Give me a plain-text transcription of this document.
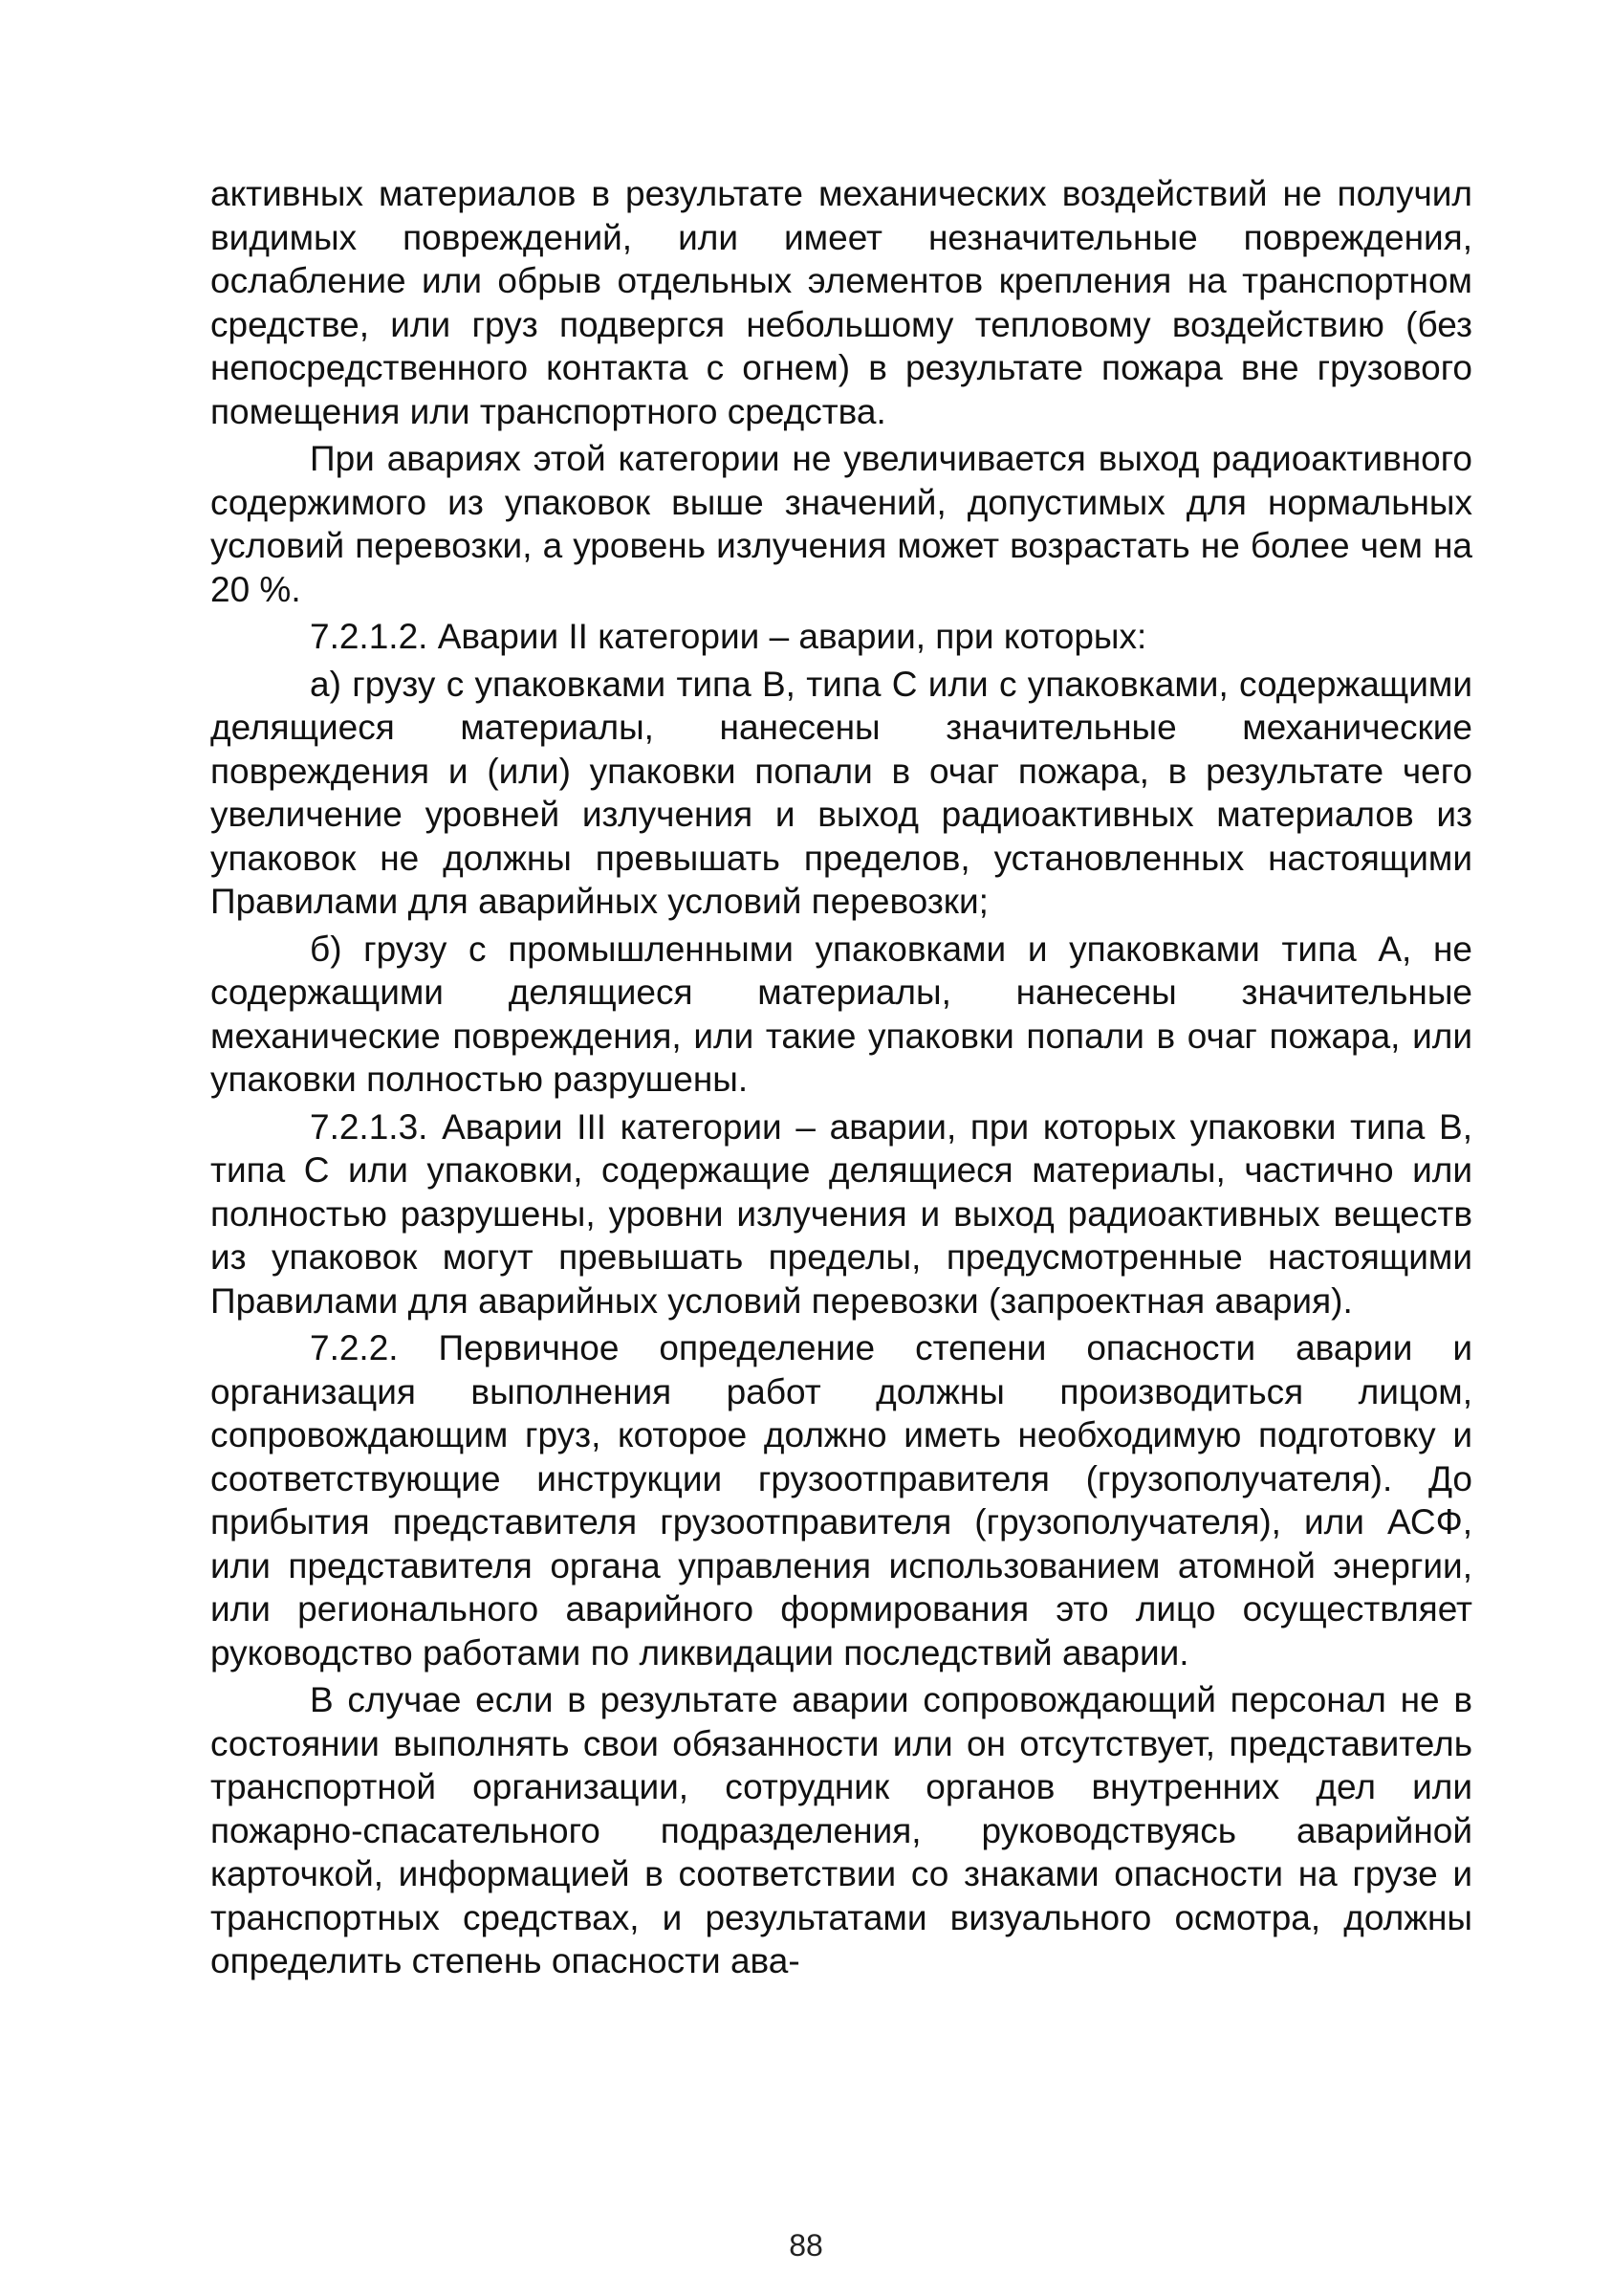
активных материалов в результате механических воздействий не получил видимых повреждений, или имеет незначительные повреждения, ослабление или обрыв отдельных элементов крепления на транспортном средстве, или груз подвергся небольшому тепловому воздействию (без непосредственного контакта с огнем) в результате пожара вне грузового помещения или транспортного средства.

При авариях этой категории не увеличивается выход радиоактивного содержимого из упаковок выше значений, допустимых для нормальных условий перевозки, а уровень излучения может возрастать не более чем на 20 %.

7.2.1.2. Аварии II категории – аварии, при которых:

а) грузу с упаковками типа В, типа С или с упаковками, содержащими делящиеся материалы, нанесены значительные механические повреждения и (или) упаковки попали в очаг пожара, в результате чего увеличение уровней излучения и выход радиоактивных материалов из упаковок не должны превышать пределов, установленных настоящими Правилами для аварийных условий перевозки;

б) грузу с промышленными упаковками и упаковками типа А, не содержащими делящиеся материалы, нанесены значительные механические повреждения, или такие упаковки попали в очаг пожара, или упаковки полностью разрушены.

7.2.1.3. Аварии III категории – аварии, при которых упаковки типа В, типа С или упаковки, содержащие делящиеся материалы, частично или полностью разрушены, уровни излучения и выход радиоактивных веществ из упаковок могут превышать пределы, предусмотренные настоящими Правилами для аварийных условий перевозки (запроектная авария).

7.2.2. Первичное определение степени опасности аварии и организация выполнения работ должны производиться лицом, сопровождающим груз, которое должно иметь необходимую подготовку и соответствующие инструкции грузоотправителя (грузополучателя). До прибытия представителя грузоотправителя (грузополучателя), или АСФ, или представителя органа управления использованием атомной энергии, или регионального аварийного формирования это лицо осуществляет руководство работами по ликвидации последствий аварии.

В случае если в результате аварии сопровождающий персонал не в состоянии выполнять свои обязанности или он отсутствует, представитель транспортной организации, сотрудник органов внутренних дел или пожарно-спасательного подразделения, руководствуясь аварийной карточкой, информацией в соответствии со знаками опасности на грузе и транспортных средствах, и результатами визуального осмотра, должны определить степень опасности ава-

88
